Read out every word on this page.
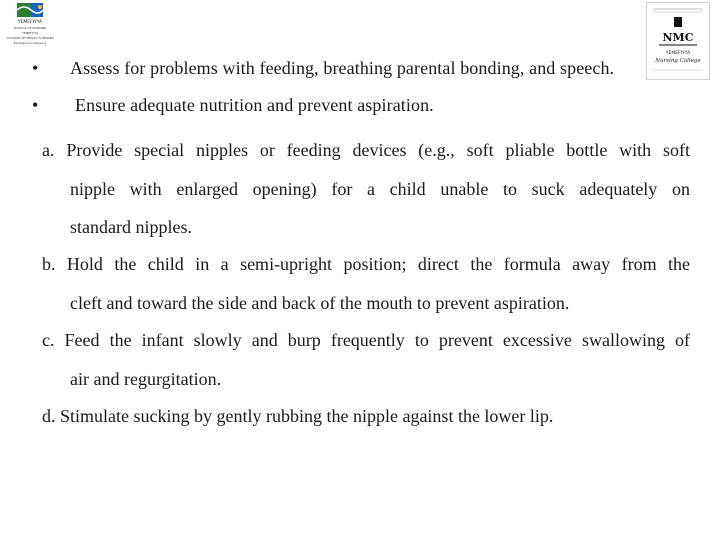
YEMEFIYYA
SCHOOL OF NURSING
YEMEFIYYA
COLLEGE OF HEALTH SCIENCES
Excellence in Nursing	NMC
YEMEFIYYA
Nursing College
• Assess for problems with feeding, breathing parental bonding, and speech.
• Ensure adequate nutrition and prevent aspiration.
a. Provide special nipples or feeding devices (e.g., soft pliable bottle with soft
nipple with enlarged opening) for a child unable to suck adequately on
standard nipples.
b. Hold the child in a semi-upright position; direct the formula away from the
cleft and toward the side and back of the mouth to prevent aspiration.
c. Feed the infant slowly and burp frequently to prevent excessive swallowing of
air and regurgitation.
d. Stimulate sucking by gently rubbing the nipple against the lower lip.
